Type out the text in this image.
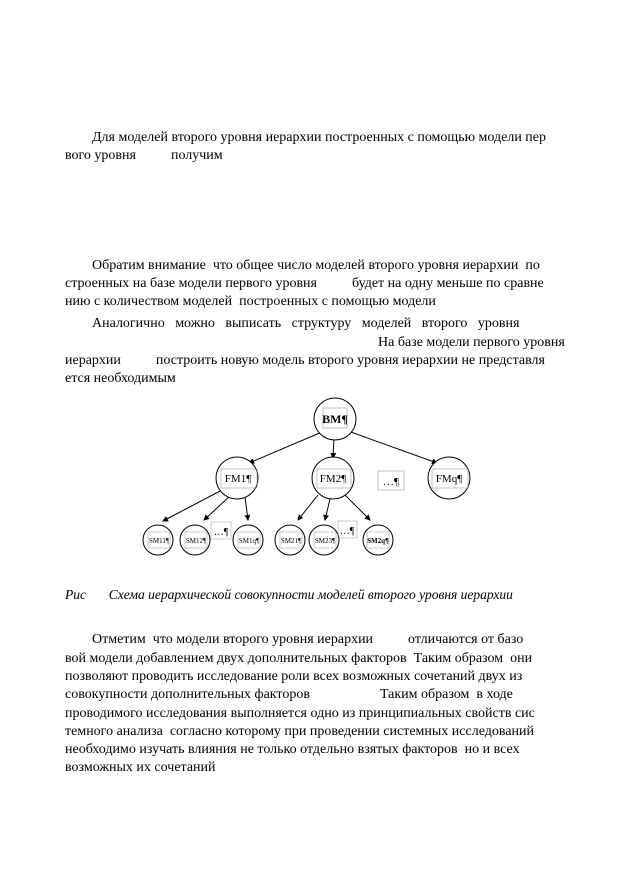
Для моделей второго уровня иерархии построенных с помощью модели пер
вого уровня          получим
Обратим внимание  что общее число моделей второго уровня иерархии  по
строенных на базе модели первого уровня          будет на одну меньше по сравне
нию с количеством моделей  построенных с помощью модели
Аналогично   можно   выписать   структуру   моделей   второго   уровня
На базе модели первого уровня
иерархии          построить новую модель второго уровня иерархии не представля
ется необходимым
BM¶
FM1¶	FM2¶	…¶	FMq¶
SM11¶ SM12¶
…¶
SM1q¶	SM21¶ SM23¶
…¶
SM2q¶
Рис Схема иерархической совокупности моделей второго уровня иерархии
Отметим  что модели второго уровня иерархии          отличаются от базо
вой модели добавлением двух дополнительных факторов  Таким образом  они
позволяют проводить исследование роли всех возможных сочетаний двух из
совокупности дополнительных факторов                    Таким образом  в ходе
проводимого исследования выполняется одно из принципиальных свойств сис
темного анализа  согласно которому при проведении системных исследований
необходимо изучать влияния не только отдельно взятых факторов  но и всех
возможных их сочетаний
